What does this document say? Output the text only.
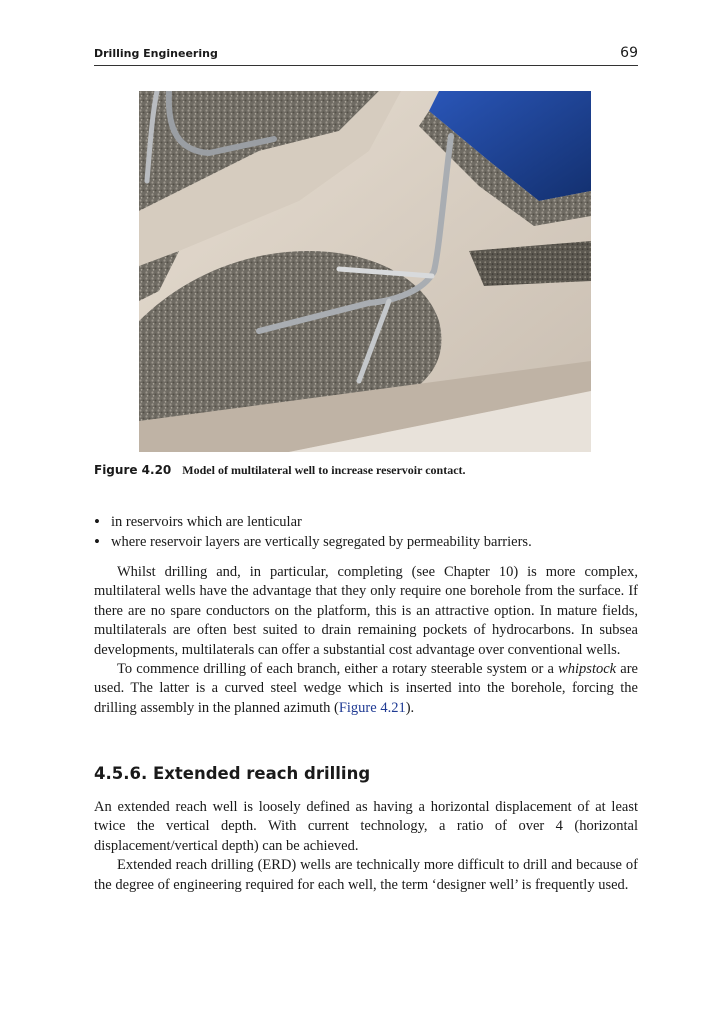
Drilling Engineering	69
Figure 4.20 Model of multilateral well to increase reservoir contact.
• in reservoirs which are lenticular
• where reservoir layers are vertically segregated by permeability barriers.

Whilst drilling and, in particular, completing (see Chapter 10) is more complex, multilateral wells have the advantage that they only require one borehole from the surface. If there are no spare conductors on the platform, this is an attractive option. In mature fields, multilaterals are often best suited to drain remaining pockets of hydrocarbons. In subsea developments, multilaterals can offer a substantial cost advantage over conventional wells.

To commence drilling of each branch, either a rotary steerable system or a whipstock are used. The latter is a curved steel wedge which is inserted into the borehole, forcing the drilling assembly in the planned azimuth (Figure 4.21).

4.5.6. Extended reach drilling

An extended reach well is loosely defined as having a horizontal displacement of at least twice the vertical depth. With current technology, a ratio of over 4 (horizontal displacement/vertical depth) can be achieved.

Extended reach drilling (ERD) wells are technically more difficult to drill and because of the degree of engineering required for each well, the term ‘designer well’ is frequently used.
